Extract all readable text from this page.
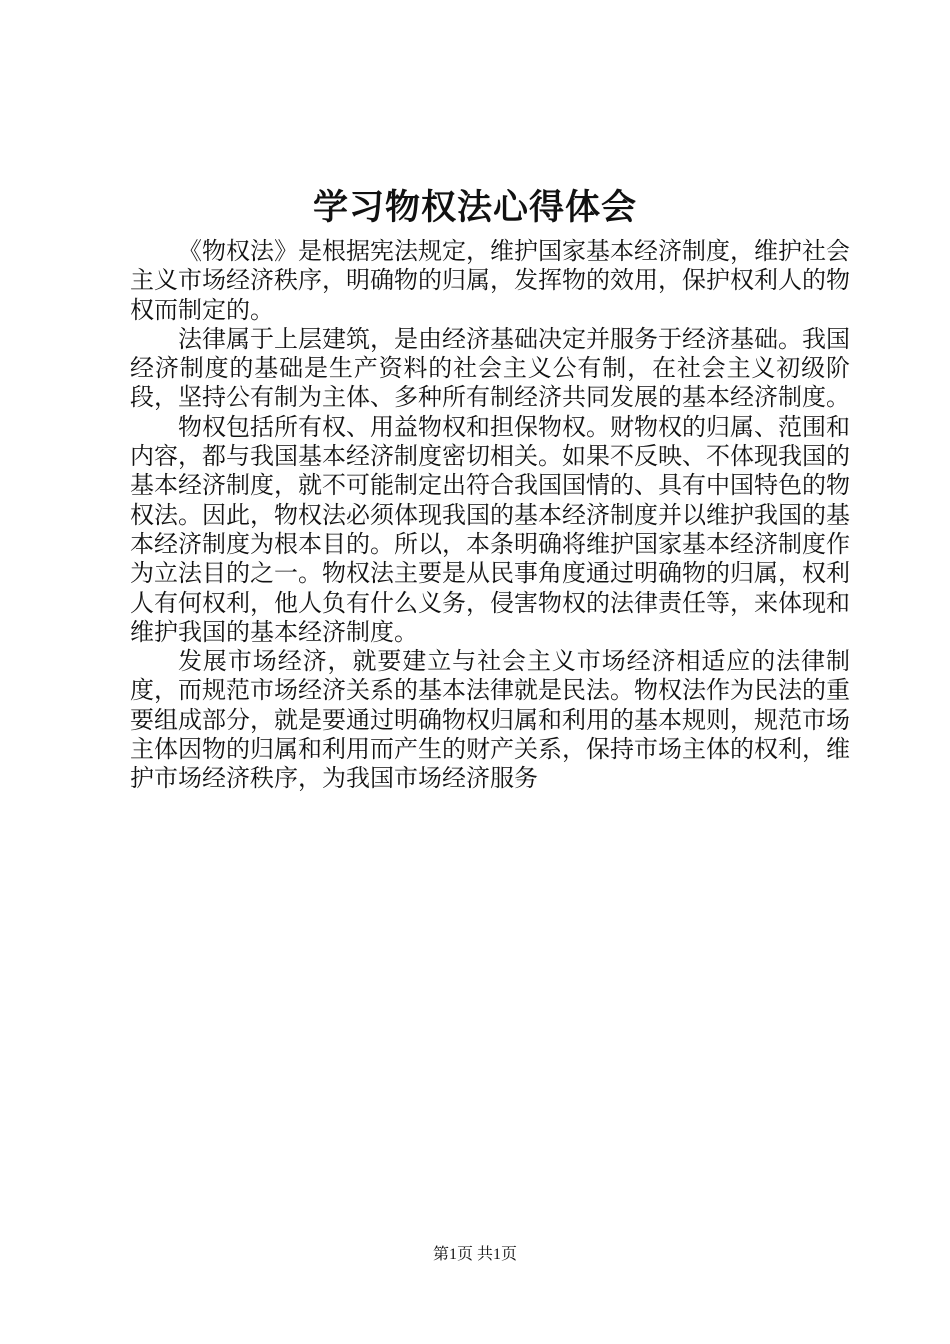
学习物权法心得体会

《物权法》是根据宪法规定，维护国家基本经济制度，维护社会主义市场经济秩序，明确物的归属，发挥物的效用，保护权利人的物权而制定的。

法律属于上层建筑，是由经济基础决定并服务于经济基础。我国经济制度的基础是生产资料的社会主义公有制，在社会主义初级阶段，坚持公有制为主体、多种所有制经济共同发展的基本经济制度。

物权包括所有权、用益物权和担保物权。财物权的归属、范围和内容，都与我国基本经济制度密切相关。如果不反映、不体现我国的基本经济制度，就不可能制定出符合我国国情的、具有中国特色的物权法。因此，物权法必须体现我国的基本经济制度并以维护我国的基本经济制度为根本目的。所以，本条明确将维护国家基本经济制度作为立法目的之一。物权法主要是从民事角度通过明确物的归属，权利人有何权利，他人负有什么义务，侵害物权的法律责任等，来体现和维护我国的基本经济制度。

发展市场经济，就要建立与社会主义市场经济相适应的法律制度，而规范市场经济关系的基本法律就是民法。物权法作为民法的重要组成部分，就是要通过明确物权归属和利用的基本规则，规范市场主体因物的归属和利用而产生的财产关系，保持市场主体的权利，维护市场经济秩序，为我国市场经济服务

第1页 共1页
